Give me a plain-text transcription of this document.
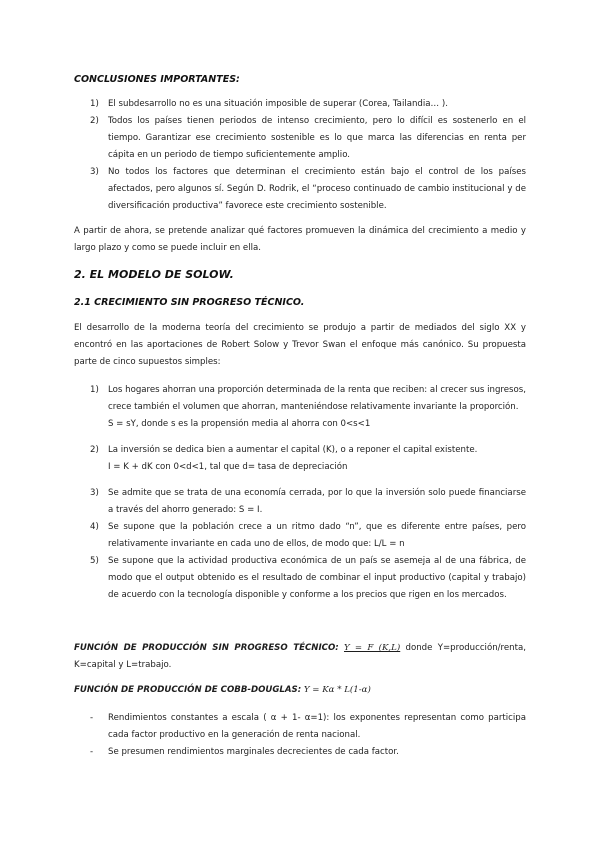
CONCLUSIONES IMPORTANTES:
1) El subdesarrollo no es una situación imposible de superar (Corea, Tailandia… ).
2) Todos los países tienen periodos de intenso crecimiento, pero lo difícil es sostenerlo en el tiempo. Garantizar ese crecimiento sostenible es lo que marca las diferencias en renta per cápita en un periodo de tiempo suficientemente amplio.
3) No todos los factores que determinan el crecimiento están bajo el control de los países afectados, pero algunos sí. Según D. Rodrik, el “proceso continuado de cambio institucional y de diversificación productiva” favorece este crecimiento sostenible.

A partir de ahora, se pretende analizar qué factores promueven la dinámica del crecimiento a medio y largo plazo y como se puede incluir en ella.

2. EL MODELO DE SOLOW.
2.1 CRECIMIENTO SIN PROGRESO TÉCNICO.

El desarrollo de la moderna teoría del crecimiento se produjo a partir de mediados del siglo XX y encontró en las aportaciones de Robert Solow y Trevor Swan el enfoque más canónico. Su propuesta parte de cinco supuestos simples:

1) Los hogares ahorran una proporción determinada de la renta que reciben: al crecer sus ingresos, crece también el volumen que ahorran, manteniéndose relativamente invariante la proporción.
S = sY, donde s es la propensión media al ahorra con 0<s<1
2) La inversión se dedica bien a aumentar el capital (K), o a reponer el capital existente.
I = K + dK con 0<d<1, tal que d= tasa de depreciación
3) Se admite que se trata de una economía cerrada, por lo que la inversión solo puede financiarse a través del ahorro generado: S = I.
4) Se supone que la población crece a un ritmo dado “n”, que es diferente entre países, pero relativamente invariante en cada uno de ellos, de modo que: L/L = n
5) Se supone que la actividad productiva económica de un país se asemeja al de una fábrica, de modo que el output obtenido es el resultado de combinar el input productivo (capital y trabajo) de acuerdo con la tecnología disponible y conforme a los precios que rigen en los mercados.

FUNCIÓN DE PRODUCCIÓN SIN PROGRESO TÉCNICO: Y = F (K,L) donde Y=producción/renta, K=capital y L=trabajo.

FUNCIÓN DE PRODUCCIÓN DE COBB-DOUGLAS: Y = Kα * L(1-α)

- Rendimientos constantes a escala ( α + 1- α=1): los exponentes representan como participa cada factor productivo en la generación de renta nacional.
- Se presumen rendimientos marginales decrecientes de cada factor.
